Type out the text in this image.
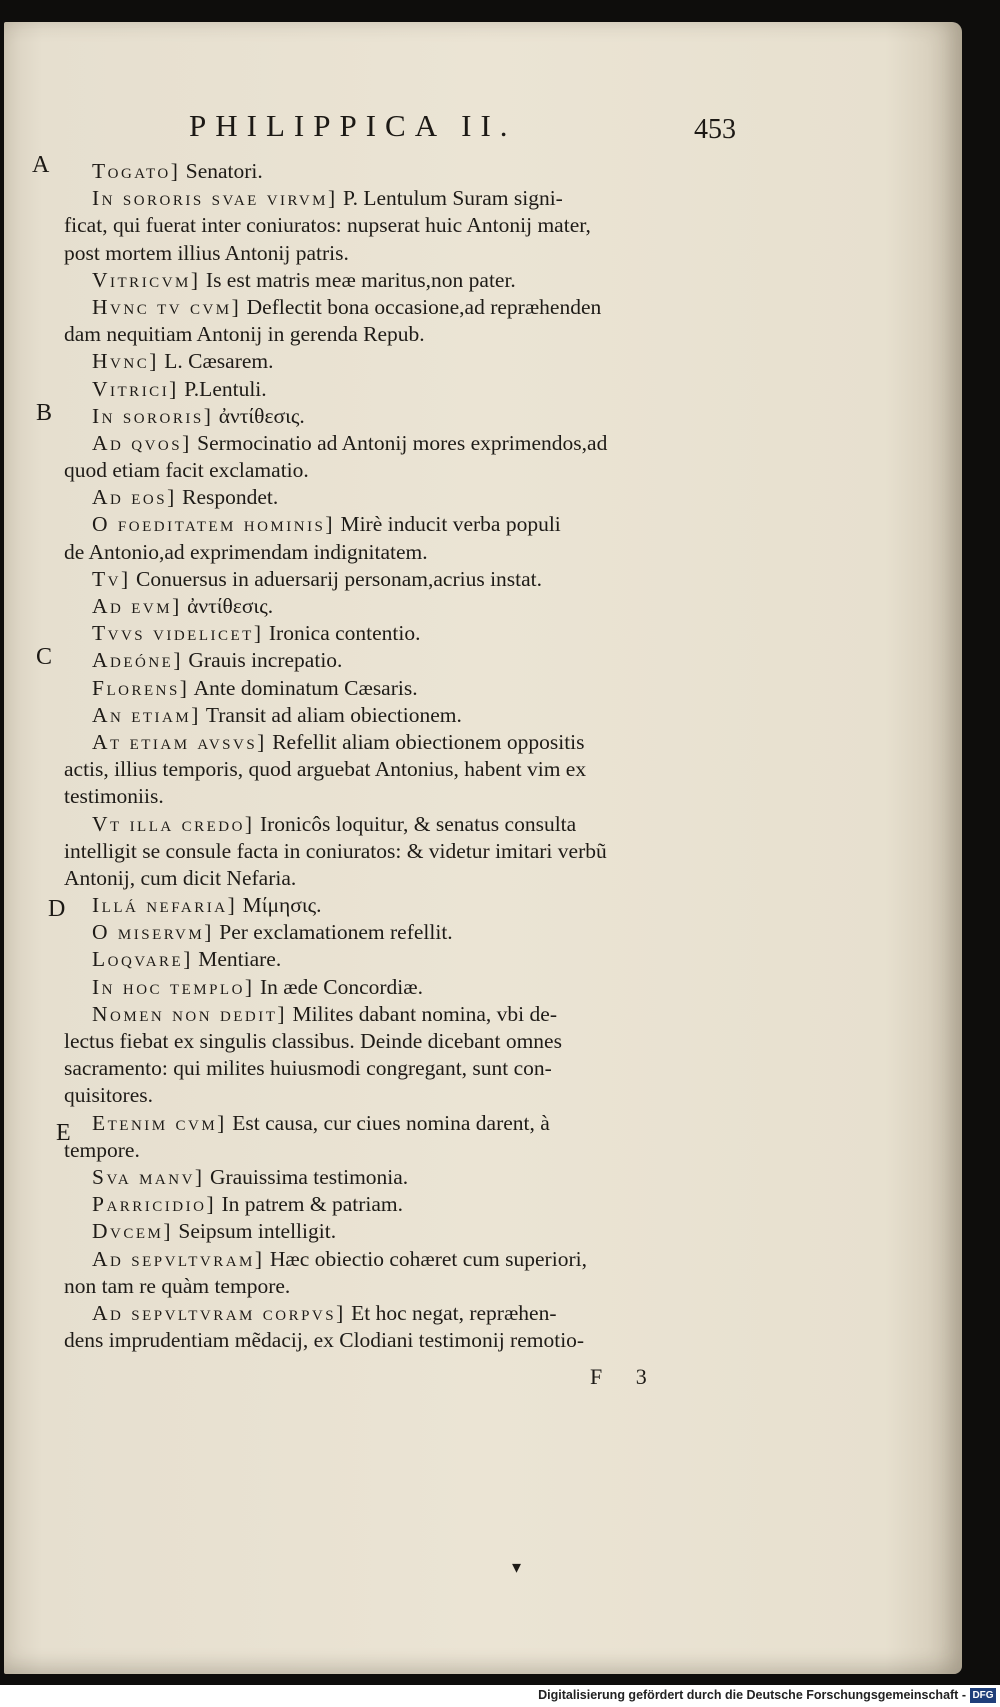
PHILIPPICA II.	453
A
B
C
D
E
Togato] Senatori.
In sororis svae virvm] P. Lentulum Suram signi-
ficat, qui fuerat inter coniuratos: nupserat huic Antonij mater,
post mortem illius Antonij patris.
Vitricvm] Is est matris meæ maritus,non pater.
Hvnc tv cvm] Deflectit bona occasione,ad repræhenden
dam nequitiam Antonij in gerenda Repub.
Hvnc] L. Cæsarem.
Vitrici] P.Lentuli.
In sororis] ἀντίθεσις.
Ad qvos] Sermocinatio ad Antonij mores exprimendos,ad
quod etiam facit exclamatio.
Ad eos] Respondet.
O foeditatem hominis] Mirè inducit verba populi
de Antonio,ad exprimendam indignitatem.
Tv] Conuersus in aduersarij personam,acrius instat.
Ad evm] ἀντίθεσις.
Tvvs videlicet] Ironica contentio.
Adeóne] Grauis increpatio.
Florens] Ante dominatum Cæsaris.
An etiam] Transit ad aliam obiectionem.
At etiam avsvs] Refellit aliam obiectionem oppositis
actis, illius temporis, quod arguebat Antonius, habent vim ex
testimoniis.
Vt illa credo] Ironicôs loquitur, & senatus consulta
intelligit se consule facta in coniuratos: & videtur imitari verbũ
Antonij, cum dicit Nefaria.
Illá nefaria] Μίμησις.
O miservm] Per exclamationem refellit.
Loqvare] Mentiare.
In hoc templo] In æde Concordiæ.
Nomen non dedit] Milites dabant nomina, vbi de-
lectus fiebat ex singulis classibus. Deinde dicebant omnes
sacramento: qui milites huiusmodi congregant, sunt con-
quisitores.
Etenim cvm] Est causa, cur ciues nomina darent, à
tempore.
Sva manv] Grauissima testimonia.
Parricidio] In patrem & patriam.
Dvcem] Seipsum intelligit.
Ad sepvltvram] Hæc obiectio cohæret cum superiori,
non tam re quàm tempore.
Ad sepvltvram corpvs] Et hoc negat, repræhen-
dens imprudentiam mẽdacij, ex Clodiani testimonij remotio-
F 3
▾
Digitalisierung gefördert durch die Deutsche Forschungsgemeinschaft - DFG
